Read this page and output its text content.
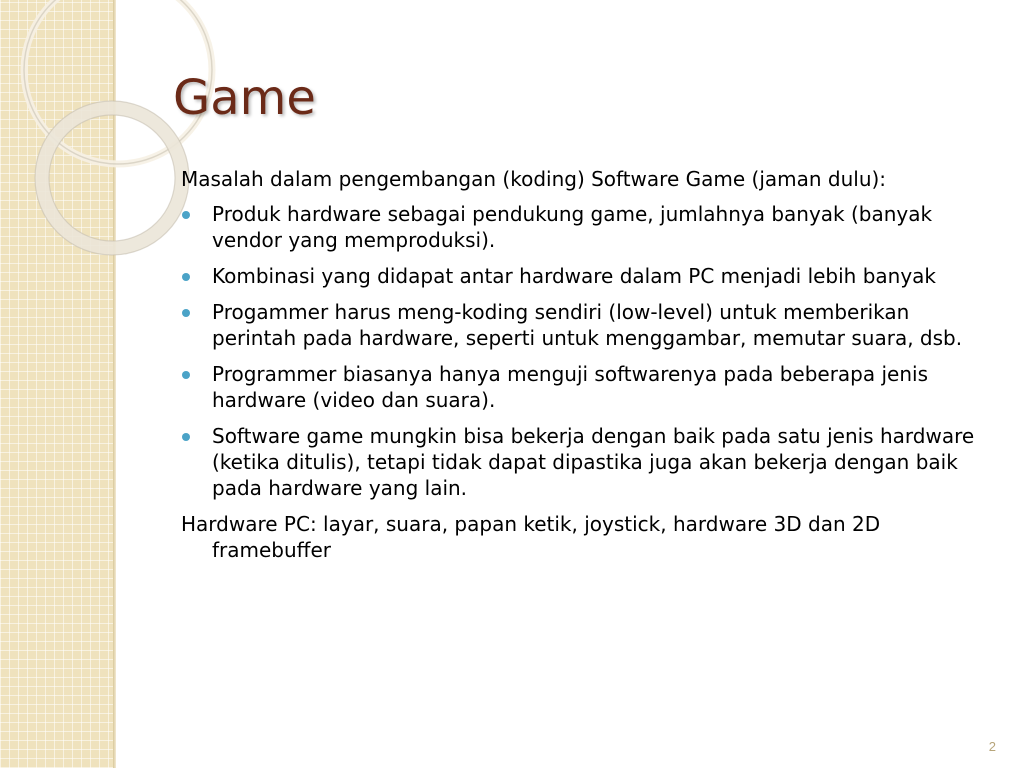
Game

Masalah dalam pengembangan (koding) Software Game (jaman dulu):

Produk hardware sebagai pendukung game, jumlahnya banyak (banyak vendor yang memproduksi).
Kombinasi yang didapat antar hardware dalam PC menjadi lebih banyak
Progammer harus meng-koding sendiri (low-level) untuk memberikan perintah pada hardware, seperti untuk menggambar, memutar suara, dsb.
Programmer biasanya hanya menguji softwarenya pada beberapa jenis hardware (video dan suara).
Software game mungkin bisa bekerja dengan baik pada satu jenis hardware (ketika ditulis), tetapi tidak dapat dipastika juga akan bekerja dengan baik pada hardware yang lain.

Hardware PC: layar, suara, papan ketik, joystick, hardware 3D dan 2D framebuffer

2
